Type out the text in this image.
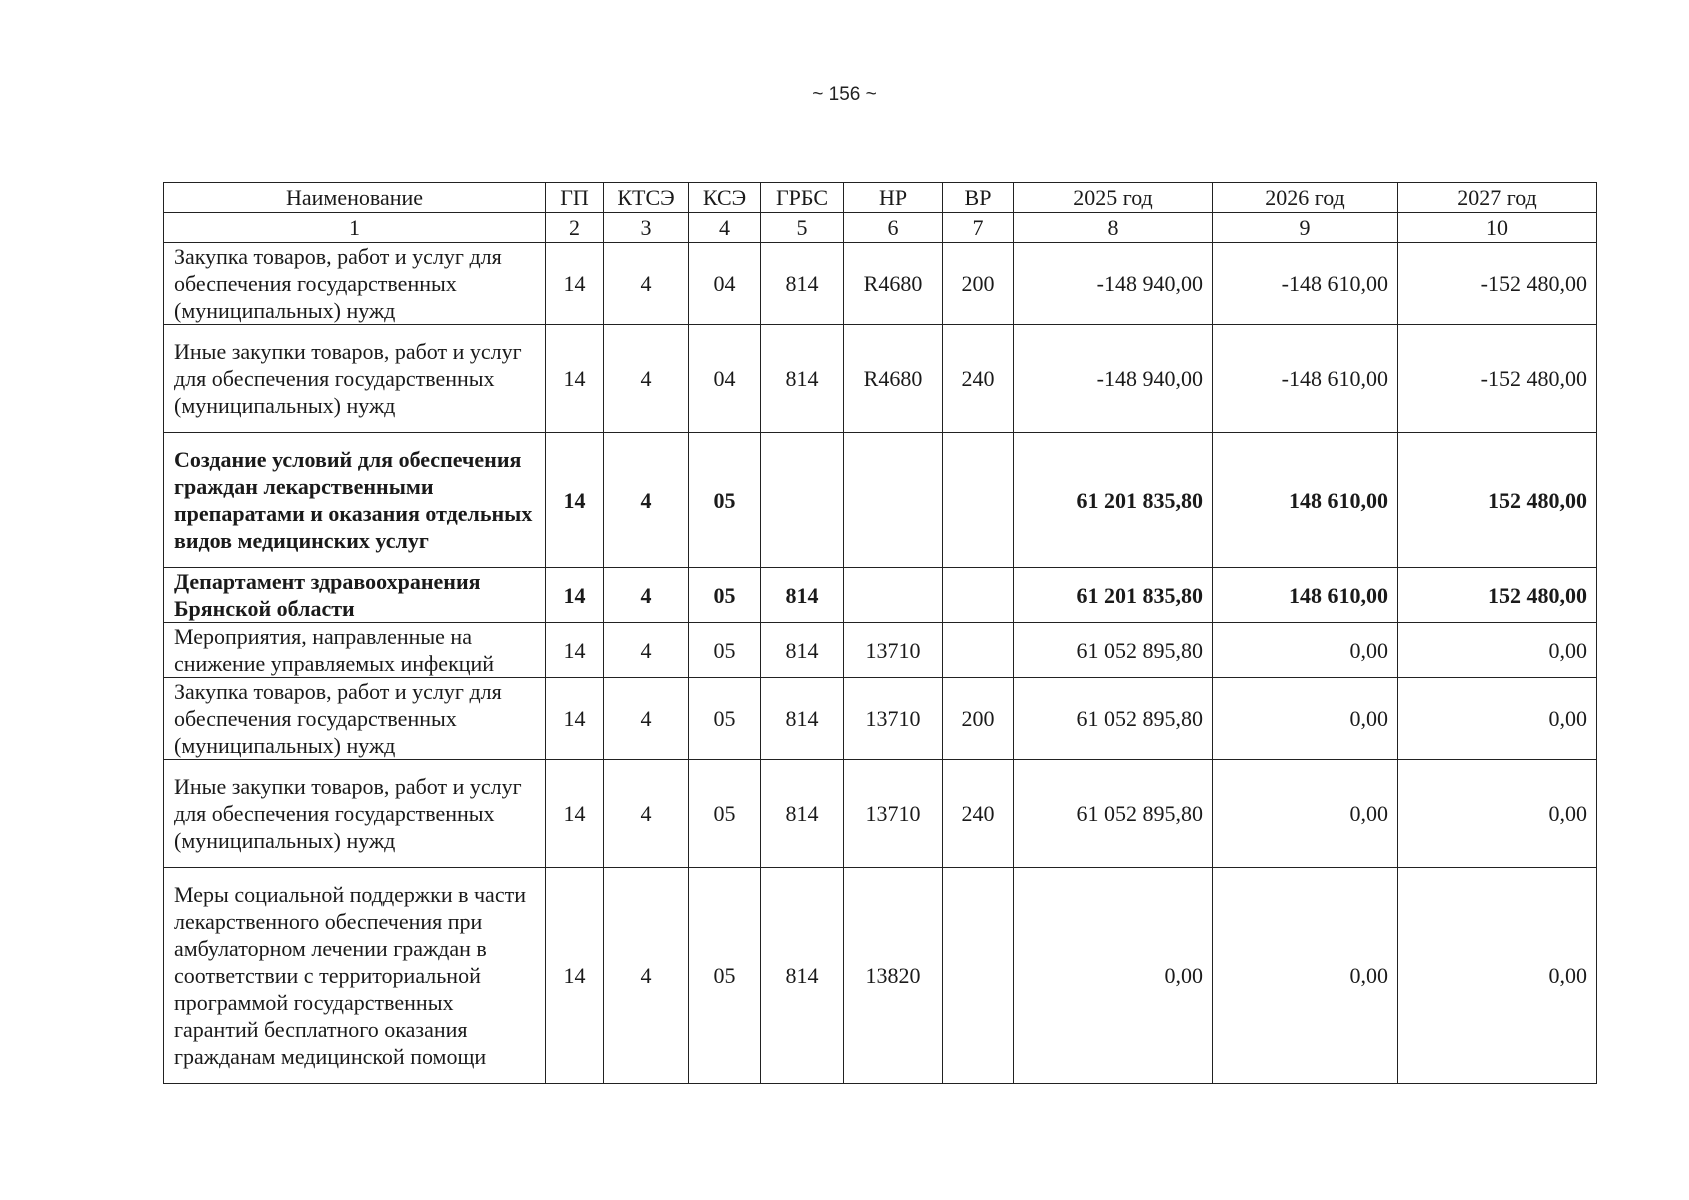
~ 156 ~
Наименование	ГП	КТСЭ	КСЭ	ГРБС	НР	ВР	2025 год	2026 год	2027 год
1	2	3	4	5	6	7	8	9	10
Закупка товаров, работ и услуг для обеспечения государственных (муниципальных) нужд	14	4	04	814	R4680	200	-148 940,00	-148 610,00	-152 480,00
Иные закупки товаров, работ и услуг для обеспечения государственных (муниципальных) нужд	14	4	04	814	R4680	240	-148 940,00	-148 610,00	-152 480,00
Создание условий для обеспечения граждан лекарственными препаратами и оказания отдельных видов медицинских услуг	14	4	05				61 201 835,80	148 610,00	152 480,00
Департамент здравоохранения Брянской области	14	4	05	814			61 201 835,80	148 610,00	152 480,00
Мероприятия, направленные на снижение управляемых инфекций	14	4	05	814	13710		61 052 895,80	0,00	0,00
Закупка товаров, работ и услуг для обеспечения государственных (муниципальных) нужд	14	4	05	814	13710	200	61 052 895,80	0,00	0,00
Иные закупки товаров, работ и услуг для обеспечения государственных (муниципальных) нужд	14	4	05	814	13710	240	61 052 895,80	0,00	0,00
Меры социальной поддержки в части лекарственного обеспечения при амбулаторном лечении граждан в соответствии с территориальной программой государственных гарантий бесплатного оказания гражданам медицинской помощи	14	4	05	814	13820		0,00	0,00	0,00
